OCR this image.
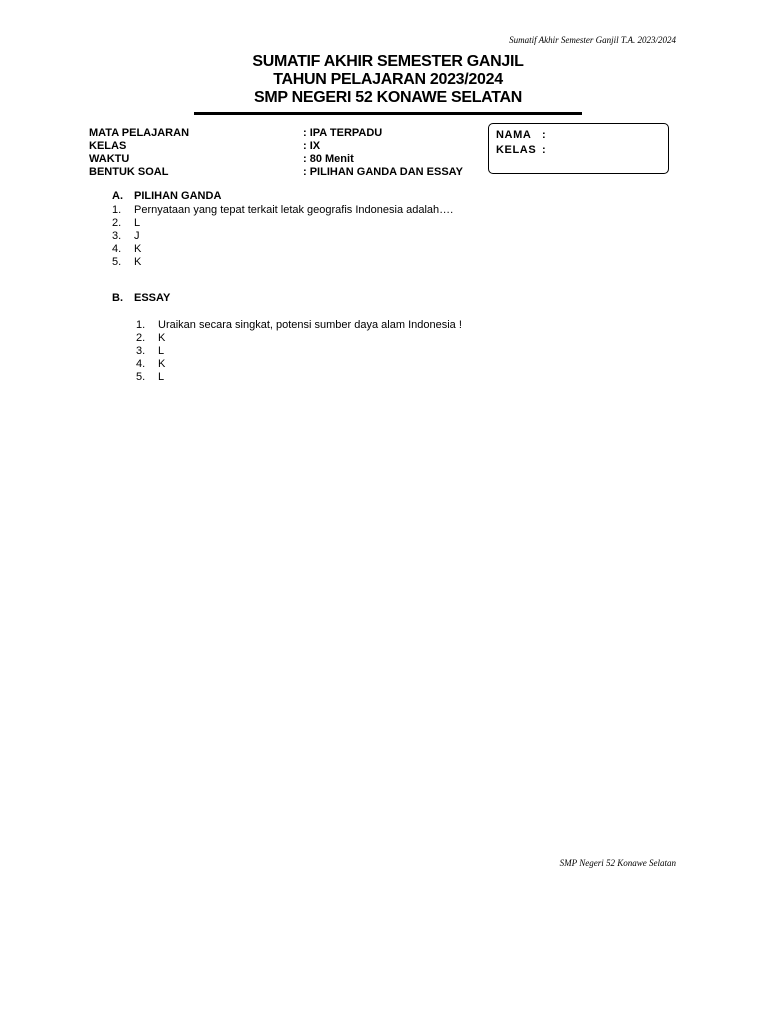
Sumatif Akhir Semester Ganjil T.A. 2023/2024
SUMATIF AKHIR SEMESTER GANJIL
TAHUN PELAJARAN 2023/2024
SMP NEGERI 52 KONAWE SELATAN
MATA PELAJARAN	: IPA TERPADU
KELAS	: IX
WAKTU	: 80 Menit
BENTUK SOAL	: PILIHAN GANDA DAN ESSAY
NAMA :
KELAS :
A.	PILIHAN GANDA
1.	Pernyataan yang tepat terkait letak geografis Indonesia adalah….
2.	L
3.	J
4.	K
5.	K
B.	ESSAY
1.	Uraikan secara singkat, potensi sumber daya alam Indonesia !
2.	K
3.	L
4.	K
5.	L
SMP Negeri 52 Konawe Selatan
